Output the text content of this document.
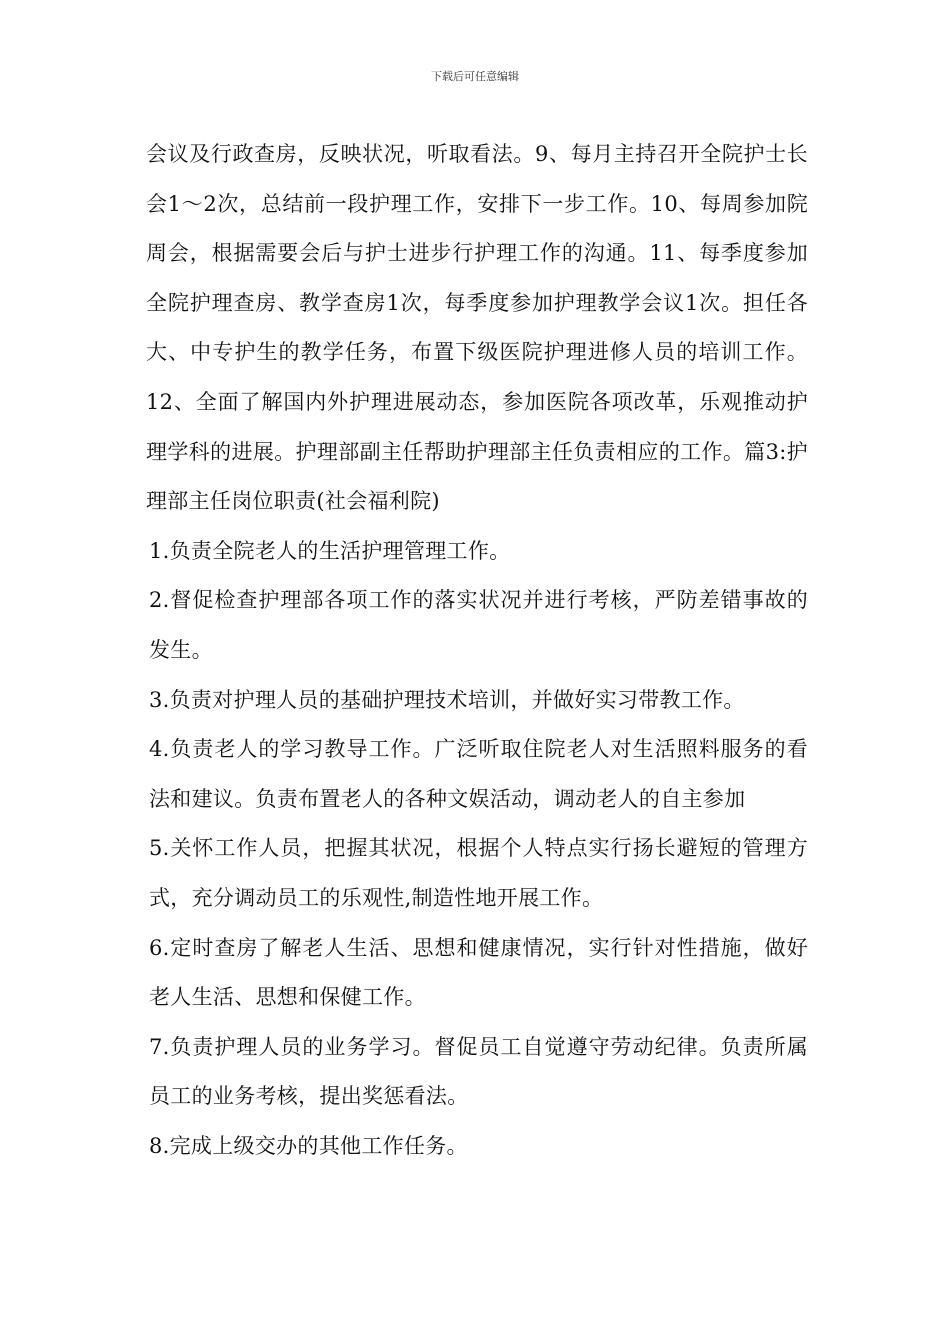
下载后可任意编辑

会议及行政查房，反映状况，听取看法。9、每月主持召开全院护士长会1～2次，总结前一段护理工作，安排下一步工作。10、每周参加院周会，根据需要会后与护士进步行护理工作的沟通。11、每季度参加全院护理查房、教学查房1次，每季度参加护理教学会议1次。担任各大、中专护生的教学任务，布置下级医院护理进修人员的培训工作。12、全面了解国内外护理进展动态，参加医院各项改革，乐观推动护理学科的进展。护理部副主任帮助护理部主任负责相应的工作。篇3:护理部主任岗位职责(社会福利院)

1.负责全院老人的生活护理管理工作。

2.督促检查护理部各项工作的落实状况并进行考核，严防差错事故的发生。

3.负责对护理人员的基础护理技术培训，并做好实习带教工作。

4.负责老人的学习教导工作。广泛听取住院老人对生活照料服务的看法和建议。负责布置老人的各种文娱活动，调动老人的自主参加

5.关怀工作人员，把握其状况，根据个人特点实行扬长避短的管理方式，充分调动员工的乐观性,制造性地开展工作。

6.定时查房了解老人生活、思想和健康情况，实行针对性措施，做好老人生活、思想和保健工作。

7.负责护理人员的业务学习。督促员工自觉遵守劳动纪律。负责所属员工的业务考核，提出奖惩看法。

8.完成上级交办的其他工作任务。
